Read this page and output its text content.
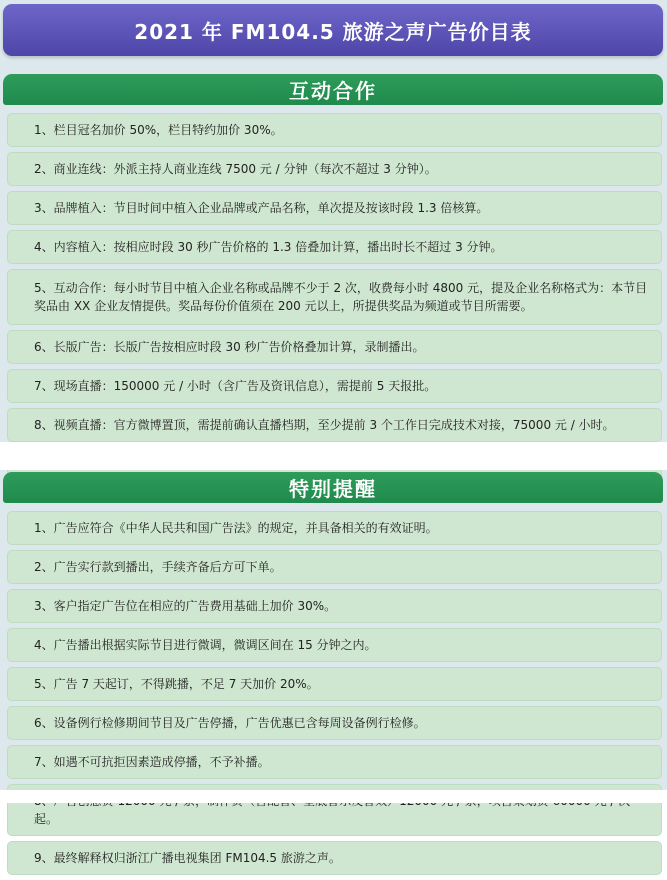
2021 年 FM104.5 旅游之声广告价目表
互动合作
1、栏目冠名加价 50%，栏目特约加价 30%。
2、商业连线：外派主持人商业连线 7500 元 / 分钟（每次不超过 3 分钟）。
3、品牌植入：节目时间中植入企业品牌或产品名称，单次提及按该时段 1.3 倍核算。
4、内容植入：按相应时段 30 秒广告价格的 1.3 倍叠加计算，播出时长不超过 3 分钟。
5、互动合作：每小时节目中植入企业名称或品牌不少于 2 次，收费每小时 4800 元，提及企业名称格式为：本节目奖品由 XX 企业友情提供。奖品每份价值须在 200 元以上，所提供奖品为频道或节目所需要。
6、长版广告：长版广告按相应时段 30 秒广告价格叠加计算，录制播出。
7、现场直播：150000 元 / 小时（含广告及资讯信息），需提前 5 天报批。
8、视频直播：官方微博置顶，需提前确认直播档期，至少提前 3 个工作日完成技术对接，75000 元 / 小时。
特别提醒
1、广告应符合《中华人民共和国广告法》的规定，并具备相关的有效证明。
2、广告实行款到播出，手续齐备后方可下单。
3、客户指定广告位在相应的广告费用基础上加价 30%。
4、广告播出根据实际节目进行微调，微调区间在 15 分钟之内。
5、广告 7 天起订，不得跳播，不足 7 天加价 20%。
6、设备例行检修期间节目及广告停播，广告优惠已含每周设备例行检修。
7、如遇不可抗拒因素造成停播，不予补播。
起。
9、最终解释权归浙江广播电视集团 FM104.5 旅游之声。
